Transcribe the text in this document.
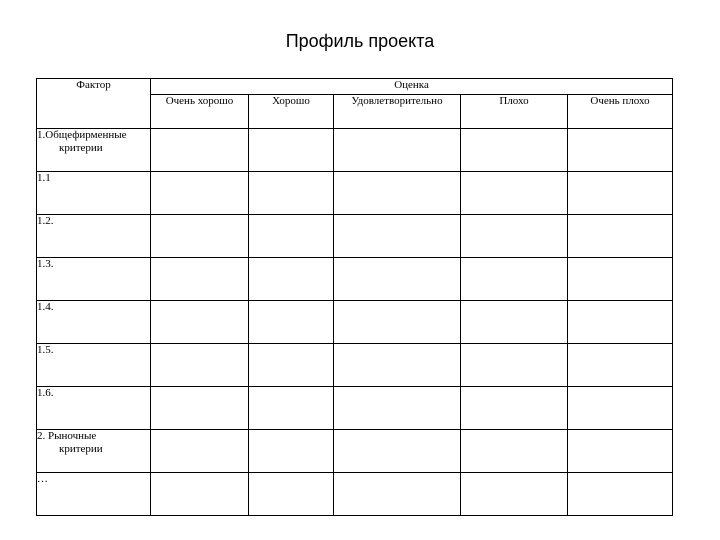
Профиль проекта
Фактор	Оценка				
	Очень хорошо	Хорошо	Удовлетворительно	Плохо	Очень плохо

1.Общефирменные
критерии					

1.1					

1.2.					

1.3.					

1.4.					

1.5.					

1.6.					

2. Рыночные
критерии					

…					
